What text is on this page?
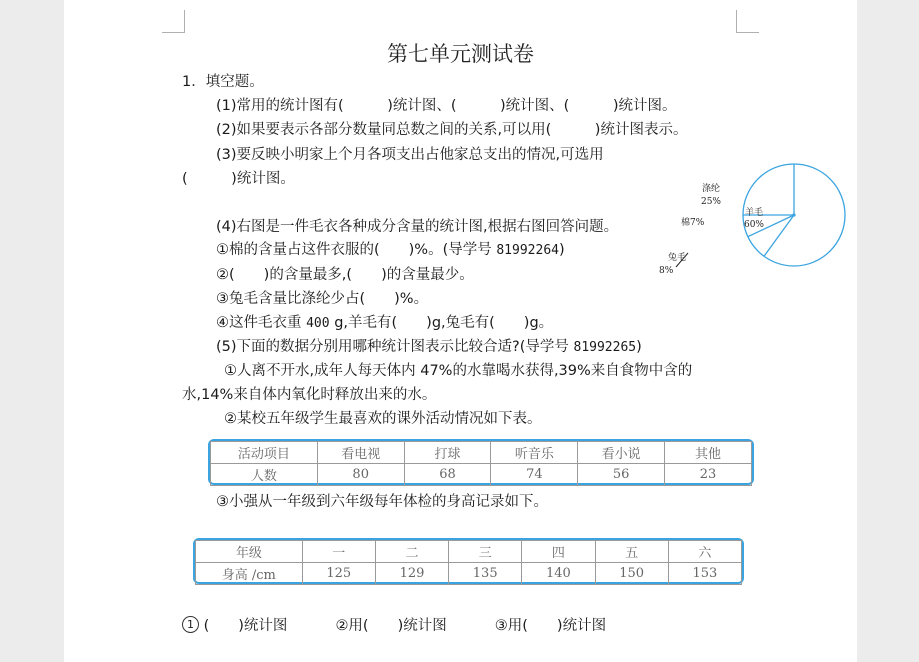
第七单元测试卷
1．填空题。
(1)常用的统计图有(　　　)统计图、(　　　)统计图、(　　　)统计图。
(2)如果要表示各部分数量同总数之间的关系,可以用(　　　)统计图表示。
(3)要反映小明家上个月各项支出占他家总支出的情况,可选用
(　　　)统计图。
(4)右图是一件毛衣各种成分含量的统计图,根据右图回答问题。
①棉的含量占这件衣服的(　　)%。(导学号 81992264)
②(　　)的含量最多,(　　)的含量最少。
③兔毛含量比涤纶少占(　　)%。
④这件毛衣重 400 g,羊毛有(　　)g,兔毛有(　　)g。
(5)下面的数据分别用哪种统计图表示比较合适?(导学号 81992265)
①人离不开水,成年人每天体内 47%的水靠喝水获得,39%来自食物中含的
水,14%来自体内氧化时释放出来的水。
②某校五年级学生最喜欢的课外活动情况如下表。
活动项目	看电视	打球	听音乐	看小说	其他
人数	80	68	74	56	23
③小强从一年级到六年级每年体检的身高记录如下。
年级	一	二	三	四	五	六
身高 /cm	125	129	135	140	150	153
1 (　　)统计图	②用(　　)统计图	③用(　　)统计图
涤纶
25%
羊毛
60%
棉7%
兔毛
8%
